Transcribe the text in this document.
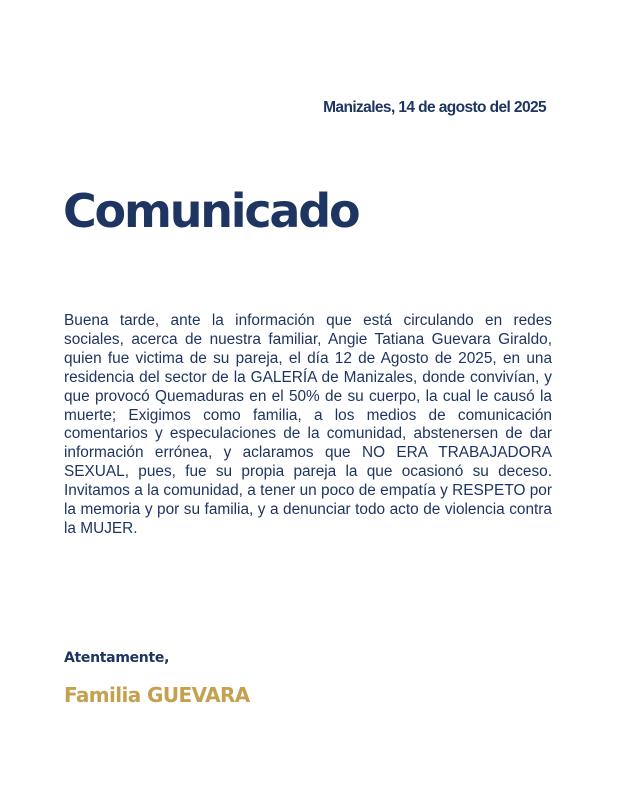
Manizales, 14 de agosto del 2025
Comunicado

Buena tarde, ante la información que está circulando en redes sociales, acerca de nuestra familiar, Angie Tatiana Guevara Giraldo, quien fue victima de su pareja, el día 12 de Agosto de 2025, en una residencia del sector de la GALERÍA de Manizales, donde convivían, y que provocó Quemaduras en el 50% de su cuerpo, la cual le causó la muerte; Exigimos como familia, a los medios de comunicación comentarios y especulaciones de la comunidad, abstenersen de dar información errónea, y aclaramos que NO ERA TRABAJADORA SEXUAL, pues, fue su propia pareja la que ocasionó su deceso. Invitamos a la comunidad, a tener un poco de empatía y RESPETO por la memoria y por su familia, y a denunciar todo acto de violencia contra la MUJER.

Atentamente,
Familia GUEVARA
